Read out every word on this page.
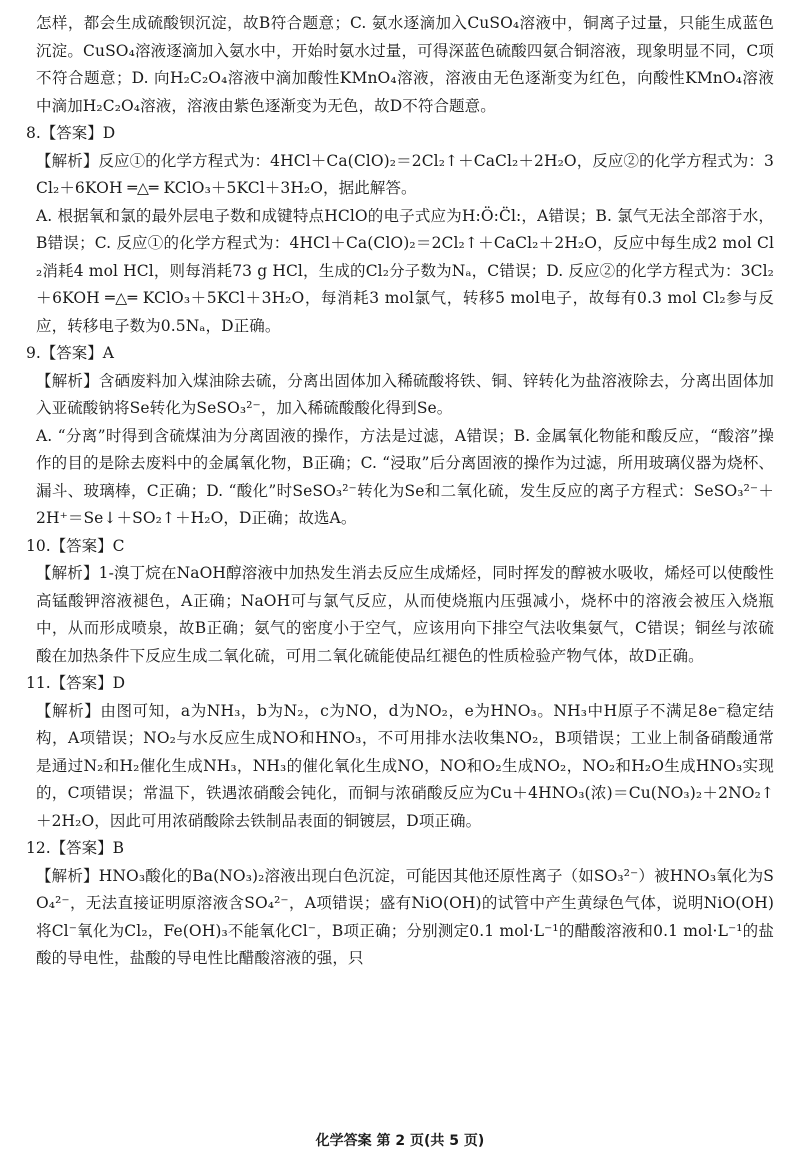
怎样，都会生成硫酸钡沉淀，故B符合题意；C. 氨水逐滴加入CuSO₄溶液中，铜离子过量，只能生成蓝色沉淀。CuSO₄溶液逐滴加入氨水中，开始时氨水过量，可得深蓝色硫酸四氨合铜溶液，现象明显不同，C项不符合题意；D. 向H₂C₂O₄溶液中滴加酸性KMnO₄溶液，溶液由无色逐渐变为红色，向酸性KMnO₄溶液中滴加H₂C₂O₄溶液，溶液由紫色逐渐变为无色，故D不符合题意。

8.【答案】D

【解析】反应①的化学方程式为：4HCl＋Ca(ClO)₂＝2Cl₂↑＋CaCl₂＋2H₂O，反应②的化学方程式为：3Cl₂＋6KOH ═△═ KClO₃＋5KCl＋3H₂O，据此解答。

A. 根据氧和氯的最外层电子数和成键特点HClO的电子式应为H:Ö:C̈l:，A错误；B. 氯气无法全部溶于水，B错误；C. 反应①的化学方程式为：4HCl＋Ca(ClO)₂＝2Cl₂↑＋CaCl₂＋2H₂O，反应中每生成2 mol Cl₂消耗4 mol HCl，则每消耗73 g HCl，生成的Cl₂分子数为Nₐ，C错误；D. 反应②的化学方程式为：3Cl₂＋6KOH ═△═ KClO₃＋5KCl＋3H₂O，每消耗3 mol氯气，转移5 mol电子，故每有0.3 mol Cl₂参与反应，转移电子数为0.5Nₐ，D正确。

9.【答案】A

【解析】含硒废料加入煤油除去硫，分离出固体加入稀硫酸将铁、铜、锌转化为盐溶液除去，分离出固体加入亚硫酸钠将Se转化为SeSO₃²⁻，加入稀硫酸酸化得到Se。

A. “分离”时得到含硫煤油为分离固液的操作，方法是过滤，A错误；B. 金属氧化物能和酸反应，“酸溶”操作的目的是除去废料中的金属氧化物，B正确；C. “浸取”后分离固液的操作为过滤，所用玻璃仪器为烧杯、漏斗、玻璃棒，C正确；D. “酸化”时SeSO₃²⁻转化为Se和二氧化硫，发生反应的离子方程式：SeSO₃²⁻＋2H⁺＝Se↓＋SO₂↑＋H₂O，D正确；故选A。

10.【答案】C

【解析】1-溴丁烷在NaOH醇溶液中加热发生消去反应生成烯烃，同时挥发的醇被水吸收，烯烃可以使酸性高锰酸钾溶液褪色，A正确；NaOH可与氯气反应，从而使烧瓶内压强减小，烧杯中的溶液会被压入烧瓶中，从而形成喷泉，故B正确；氨气的密度小于空气，应该用向下排空气法收集氨气，C错误；铜丝与浓硫酸在加热条件下反应生成二氧化硫，可用二氧化硫能使品红褪色的性质检验产物气体，故D正确。

11.【答案】D

【解析】由图可知，a为NH₃，b为N₂，c为NO，d为NO₂，e为HNO₃。NH₃中H原子不满足8e⁻稳定结构，A项错误；NO₂与水反应生成NO和HNO₃，不可用排水法收集NO₂，B项错误；工业上制备硝酸通常是通过N₂和H₂催化生成NH₃，NH₃的催化氧化生成NO，NO和O₂生成NO₂，NO₂和H₂O生成HNO₃实现的，C项错误；常温下，铁遇浓硝酸会钝化，而铜与浓硝酸反应为Cu＋4HNO₃(浓)＝Cu(NO₃)₂＋2NO₂↑＋2H₂O，因此可用浓硝酸除去铁制品表面的铜镀层，D项正确。

12.【答案】B

【解析】HNO₃酸化的Ba(NO₃)₂溶液出现白色沉淀，可能因其他还原性离子（如SO₃²⁻）被HNO₃氧化为SO₄²⁻，无法直接证明原溶液含SO₄²⁻，A项错误；盛有NiO(OH)的试管中产生黄绿色气体，说明NiO(OH)将Cl⁻氧化为Cl₂，Fe(OH)₃不能氧化Cl⁻，B项正确；分别测定0.1 mol·L⁻¹的醋酸溶液和0.1 mol·L⁻¹的盐酸的导电性，盐酸的导电性比醋酸溶液的强，只

化学答案 第 2 页(共 5 页)
